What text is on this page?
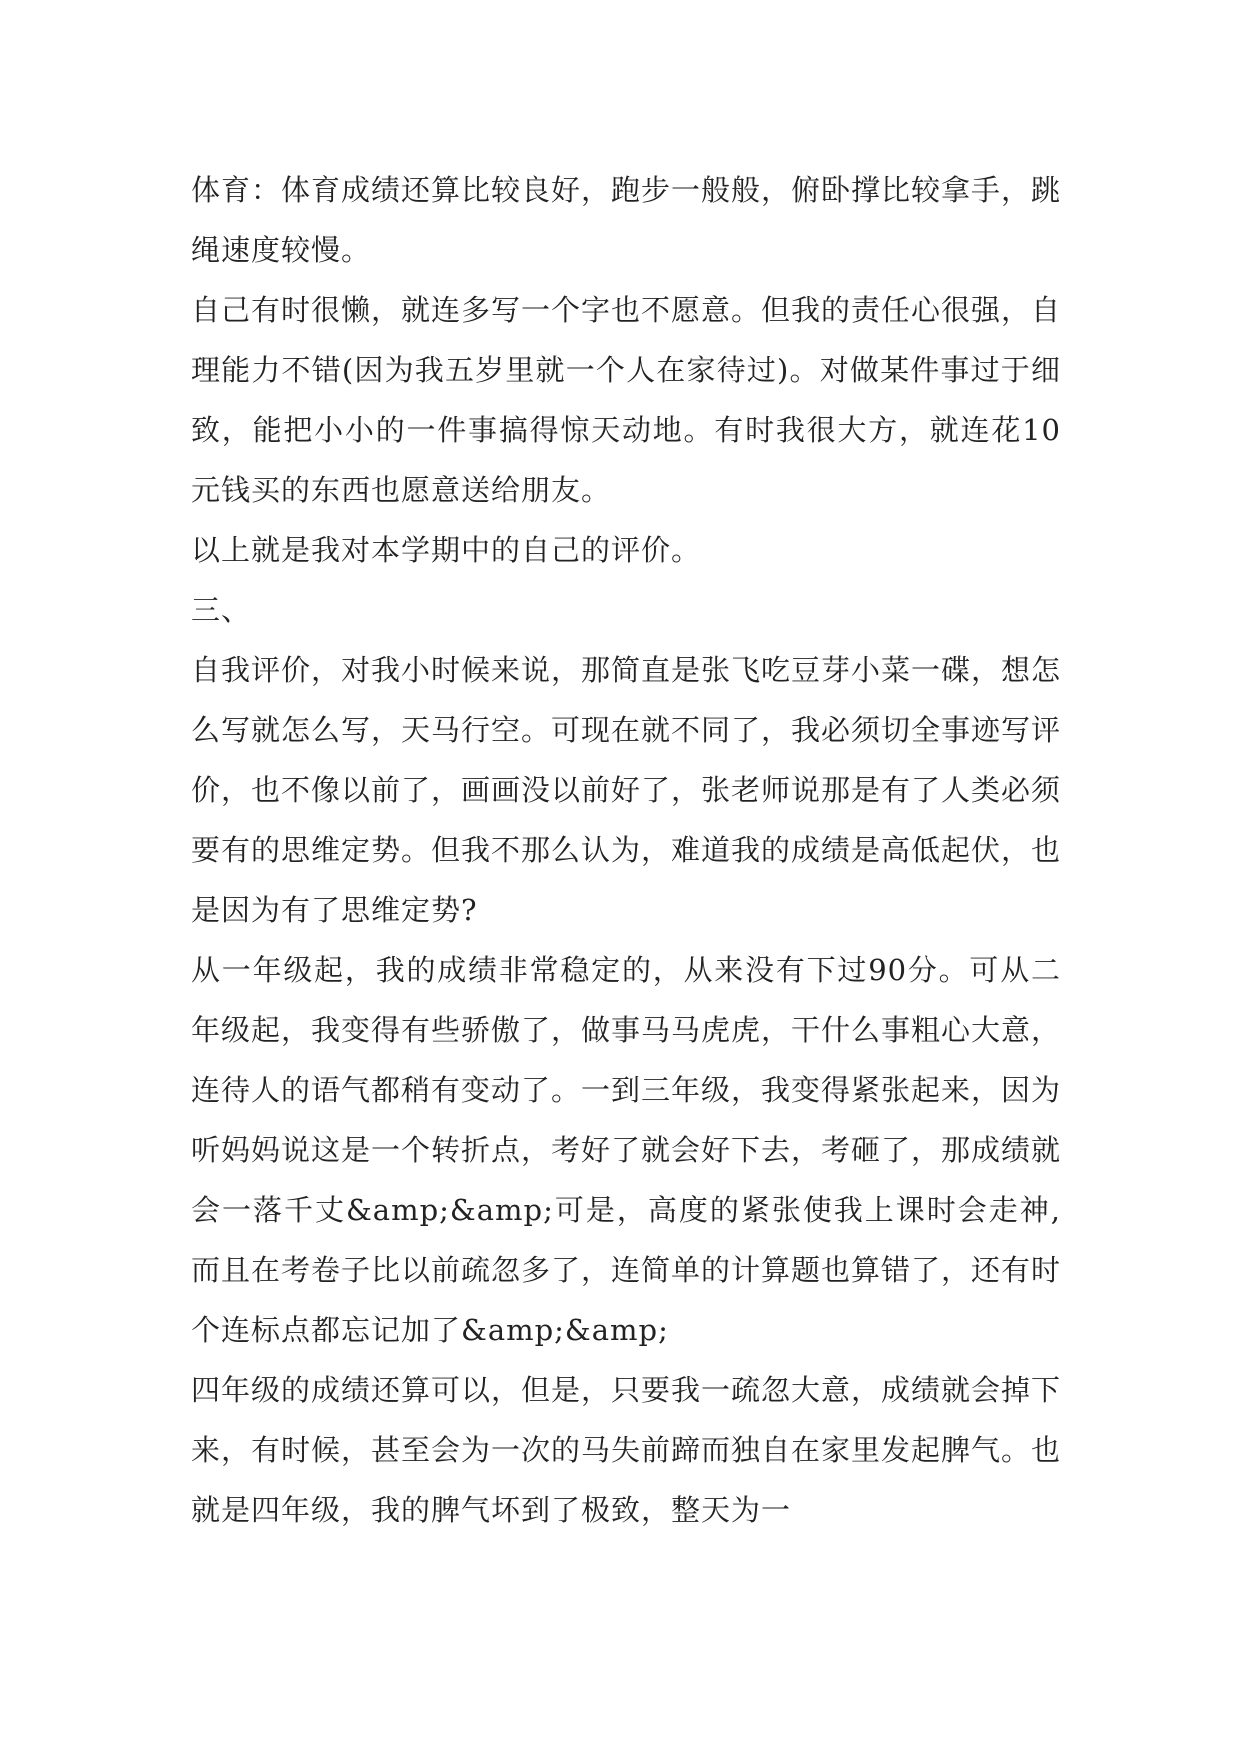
体育：体育成绩还算比较良好，跑步一般般，俯卧撑比较拿手，跳绳速度较慢。

自己有时很懒，就连多写一个字也不愿意。但我的责任心很强，自理能力不错(因为我五岁里就一个人在家待过)。对做某件事过于细致，能把小小的一件事搞得惊天动地。有时我很大方，就连花10元钱买的东西也愿意送给朋友。

以上就是我对本学期中的自己的评价。

三、

自我评价，对我小时候来说，那简直是张飞吃豆芽小菜一碟，想怎么写就怎么写，天马行空。可现在就不同了，我必须切全事迹写评价，也不像以前了，画画没以前好了，张老师说那是有了人类必须要有的思维定势。但我不那么认为，难道我的成绩是高低起伏，也是因为有了思维定势?

从一年级起，我的成绩非常稳定的，从来没有下过90分。可从二年级起，我变得有些骄傲了，做事马马虎虎，干什么事粗心大意，连待人的语气都稍有变动了。一到三年级，我变得紧张起来，因为听妈妈说这是一个转折点，考好了就会好下去，考砸了，那成绩就会一落千丈&amp;&amp;可是，高度的紧张使我上课时会走神,而且在考卷子比以前疏忽多了，连简单的计算题也算错了，还有时个连标点都忘记加了&amp;&amp;

四年级的成绩还算可以，但是，只要我一疏忽大意，成绩就会掉下来，有时候，甚至会为一次的马失前蹄而独自在家里发起脾气。也就是四年级，我的脾气坏到了极致，整天为一
